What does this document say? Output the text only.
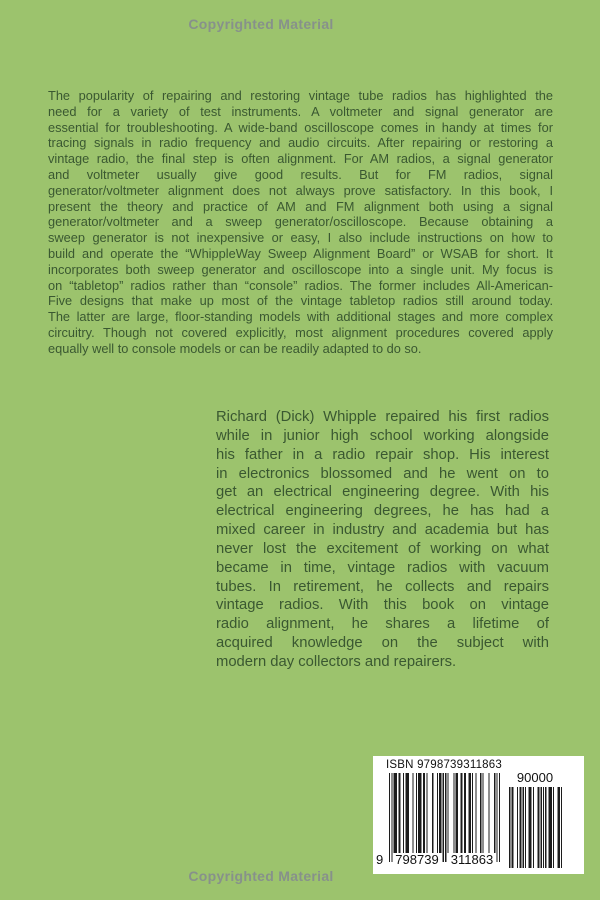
Copyrighted Material
The popularity of repairing and restoring vintage tube radios has highlighted the
need for a variety of test instruments. A voltmeter and signal generator are
essential for troubleshooting. A wide-band oscilloscope comes in handy at times for
tracing signals in radio frequency and audio circuits. After repairing or restoring a
vintage radio, the final step is often alignment. For AM radios, a signal generator
and voltmeter usually give good results. But for FM radios, signal
generator/voltmeter alignment does not always prove satisfactory. In this book, I
present the theory and practice of AM and FM alignment both using a signal
generator/voltmeter and a sweep generator/oscilloscope. Because obtaining a
sweep generator is not inexpensive or easy, I also include instructions on how to
build and operate the “WhippleWay Sweep Alignment Board” or WSAB for short. It
incorporates both sweep generator and oscilloscope into a single unit. My focus is
on “tabletop” radios rather than “console” radios. The former includes All-American-
Five designs that make up most of the vintage tabletop radios still around today.
The latter are large, floor-standing models with additional stages and more complex
circuitry. Though not covered explicitly, most alignment procedures covered apply
equally well to console models or can be readily adapted to do so.
Richard (Dick) Whipple repaired his first radios
while in junior high school working alongside
his father in a radio repair shop. His interest
in electronics blossomed and he went on to
get an electrical engineering degree. With his
electrical engineering degrees, he has had a
mixed career in industry and academia but has
never lost the excitement of working on what
became in time, vintage radios with vacuum
tubes. In retirement, he collects and repairs
vintage radios. With this book on vintage
radio alignment, he shares a lifetime of
acquired knowledge on the subject with
modern day collectors and repairers.
ISBN 9798739311863
9 798739 311863
90000
Copyrighted Material
